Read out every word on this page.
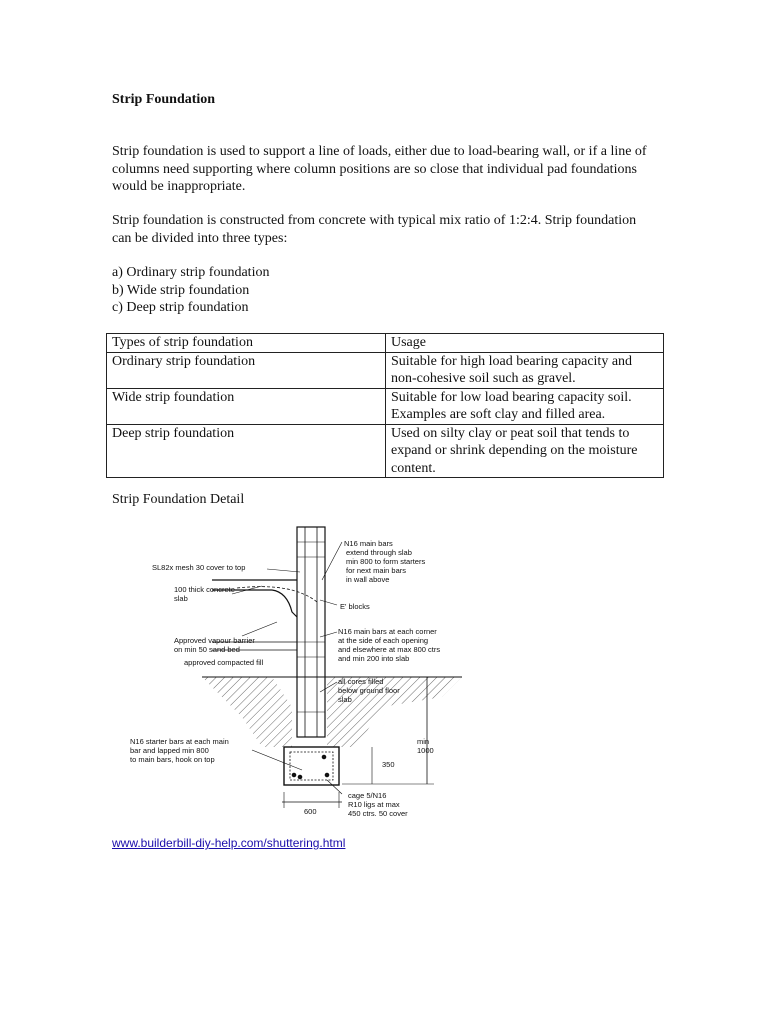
Strip Foundation
Strip foundation is used to support a line of loads, either due to load-bearing wall, or if a line of columns need supporting where column positions are so close that individual pad foundations would be inappropriate.
Strip foundation is constructed from concrete with typical mix ratio of 1:2:4. Strip foundation can be divided into three types:
a) Ordinary strip foundation
b) Wide strip foundation
c) Deep strip foundation
Types of strip foundation	Usage
Ordinary strip foundation	Suitable for high load bearing capacity and non-cohesive soil such as gravel.
Wide strip foundation	Suitable for low load bearing capacity soil. Examples are soft clay and filled area.
Deep strip foundation	Used on silty clay or peat soil that tends to expand or shrink depending on the moisture content.
Strip Foundation Detail
SL82x mesh 30 cover to top
100 thick concrete
slab
Approved vapour barrier
on min 50 sand bed
approved compacted fill
N16 main bars
extend through slab
min 800 to form starters
for next main bars
in wall above
E' blocks
N16 main bars at each corner
at the side of each opening
and elsewhere at max 800 ctrs
and min 200 into slab
all cores filled
below ground floor
slab
N16 starter bars at each main
bar and lapped min 800
to main bars, hook on top
min
1000
350
cage 5/N16
R10 ligs at max
450 ctrs. 50 cover
600
www.builderbill-diy-help.com/shuttering.html
